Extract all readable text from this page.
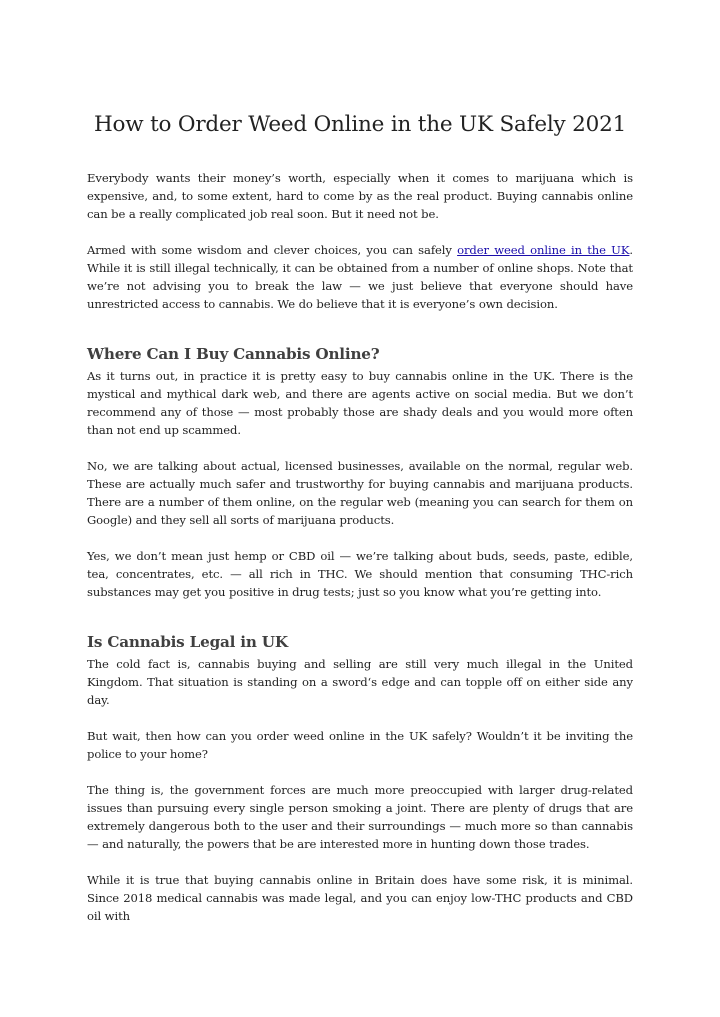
How to Order Weed Online in the UK Safely 2021

Everybody wants their money’s worth, especially when it comes to marijuana which is expensive, and, to some extent, hard to come by as the real product. Buying cannabis online can be a really complicated job real soon. But it need not be.

Armed with some wisdom and clever choices, you can safely order weed online in the UK. While it is still illegal technically, it can be obtained from a number of online shops. Note that we’re not advising you to break the law — we just believe that everyone should have unrestricted access to cannabis. We do believe that it is everyone’s own decision.

Where Can I Buy Cannabis Online?

As it turns out, in practice it is pretty easy to buy cannabis online in the UK. There is the mystical and mythical dark web, and there are agents active on social media. But we don’t recommend any of those — most probably those are shady deals and you would more often than not end up scammed.

No, we are talking about actual, licensed businesses, available on the normal, regular web. These are actually much safer and trustworthy for buying cannabis and marijuana products. There are a number of them online, on the regular web (meaning you can search for them on Google) and they sell all sorts of marijuana products.

Yes, we don’t mean just hemp or CBD oil — we’re talking about buds, seeds, paste, edible, tea, concentrates, etc. — all rich in THC. We should mention that consuming THC-rich substances may get you positive in drug tests; just so you know what you’re getting into.

Is Cannabis Legal in UK

The cold fact is, cannabis buying and selling are still very much illegal in the United Kingdom. That situation is standing on a sword‘s edge and can topple off on either side any day.

But wait, then how can you order weed online in the UK safely? Wouldn’t it be inviting the police to your home?

The thing is, the government forces are much more preoccupied with larger drug-related issues than pursuing every single person smoking a joint. There are plenty of drugs that are extremely dangerous both to the user and their surroundings — much more so than cannabis — and naturally, the powers that be are interested more in hunting down those trades.

While it is true that buying cannabis online in Britain does have some risk, it is minimal. Since 2018 medical cannabis was made legal, and you can enjoy low-THC products and CBD oil with
